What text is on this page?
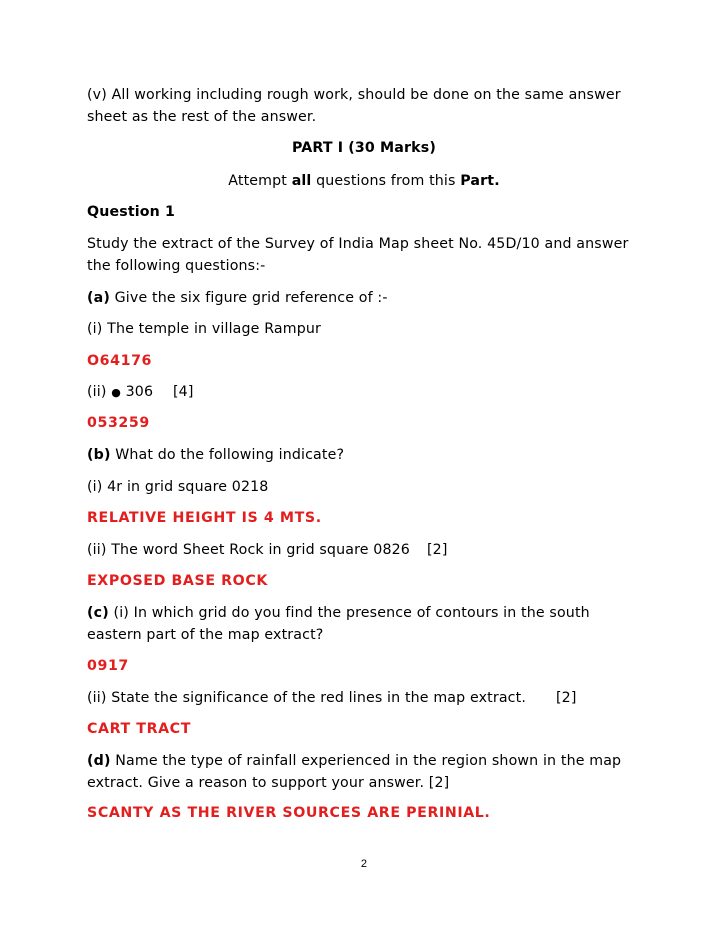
(v) All working including rough work, should be done on the same answer
sheet as the rest of the answer.
PART I (30 Marks)
Attempt all questions from this Part.
Question 1
Study the extract of the Survey of India Map sheet No. 45D/10 and answer
the following questions:-
(a) Give the six figure grid reference of :-
(i) The temple in village Rampur
O64176
(ii) ● 306 [4]
053259
(b) What do the following indicate?
(i) 4r in grid square 0218
RELATIVE HEIGHT IS 4 MTS.
(ii) The word Sheet Rock in grid square 0826 [2]
EXPOSED BASE ROCK
(c) (i) In which grid do you find the presence of contours in the south
eastern part of the map extract?
0917
(ii) State the significance of the red lines in the map extract. [2]
CART TRACT
(d) Name the type of rainfall experienced in the region shown in the map
extract. Give a reason to support your answer. [2]
SCANTY AS THE RIVER SOURCES ARE PERINIAL.
2
